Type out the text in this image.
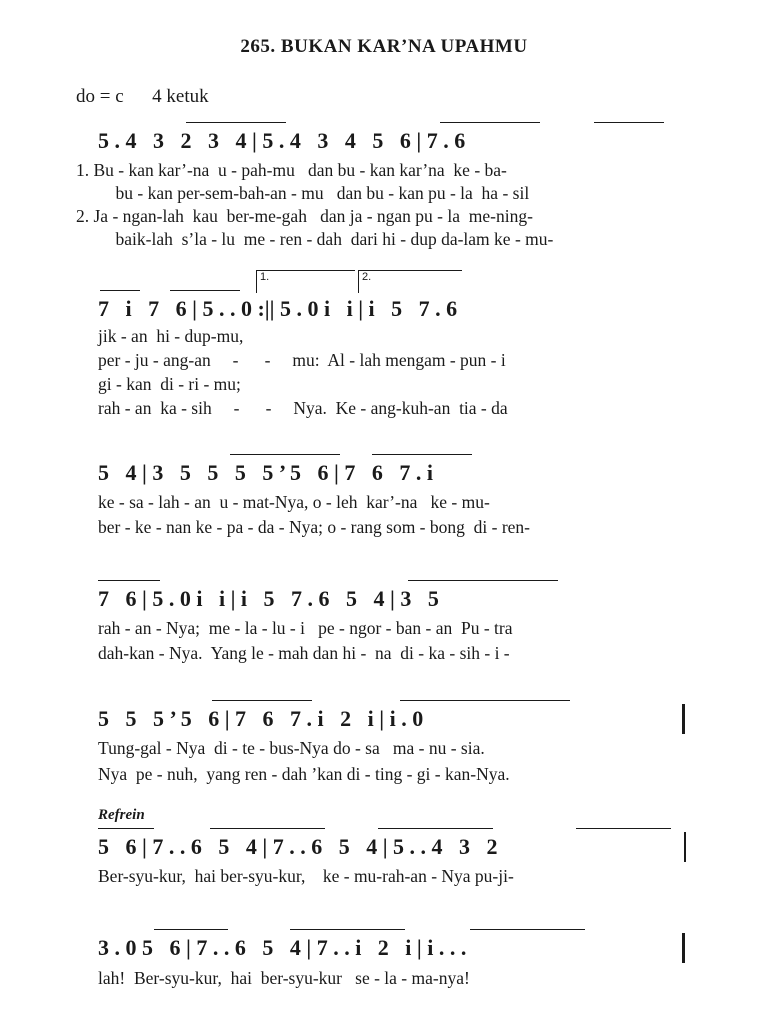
265. BUKAN KAR’NA UPAHMU
do = c      4 ketuk
5 . 4   3   2   3   4 | 5 . 4   3   4   5   6 | 7 . 6
1. Bu - kan kar’-na  u - pah-mu   dan bu - kan kar’na  ke - ba-
bu - kan per-sem-bah-an - mu   dan bu - kan pu - la  ha - sil
2. Ja - ngan-lah  kau  ber-me-gah   dan ja - ngan pu - la  me-ning-
baik-lah  s’la - lu  me - ren - dah  dari hi - dup da-lam ke - mu-
1.	2.
7   i   7   6 | 5 . . 0 :|| 5 . 0 i   i | i   5   7 . 6
jik - an  hi - dup-mu,
per - ju - ang-an     -      -     mu:  Al - lah mengam - pun - i
gi - kan  di - ri - mu;
rah - an  ka - sih     -      -     Nya.  Ke - ang-kuh-an  tia - da
5   4 | 3   5   5   5   5 ’ 5   6 | 7   6   7 . i
ke - sa - lah - an  u - mat-Nya, o - leh  kar’-na   ke - mu-
ber - ke - nan ke - pa - da - Nya; o - rang som - bong  di - ren-
7   6 | 5 . 0 i   i | i   5   7 . 6   5   4 | 3   5
rah - an - Nya;  me - la - lu - i   pe - ngor - ban - an  Pu - tra
dah-kan - Nya.  Yang le - mah dan hi -  na  di - ka - sih - i -
5   5   5 ’ 5   6 | 7   6   7 . i   2   i | i . 0
Tung-gal - Nya  di - te - bus-Nya do - sa   ma - nu - sia.
Nya  pe - nuh,  yang ren - dah ’kan di - ting - gi - kan-Nya.
Refrein
5   6 | 7 . . 6   5   4 | 7 . . 6   5   4 | 5 . . 4   3   2
Ber-syu-kur,  hai ber-syu-kur,    ke - mu-rah-an - Nya pu-ji-
3 . 0 5   6 | 7 . . 6   5   4 | 7 . . i   2   i | i . . .
lah!  Ber-syu-kur,  hai  ber-syu-kur   se - la - ma-nya!
